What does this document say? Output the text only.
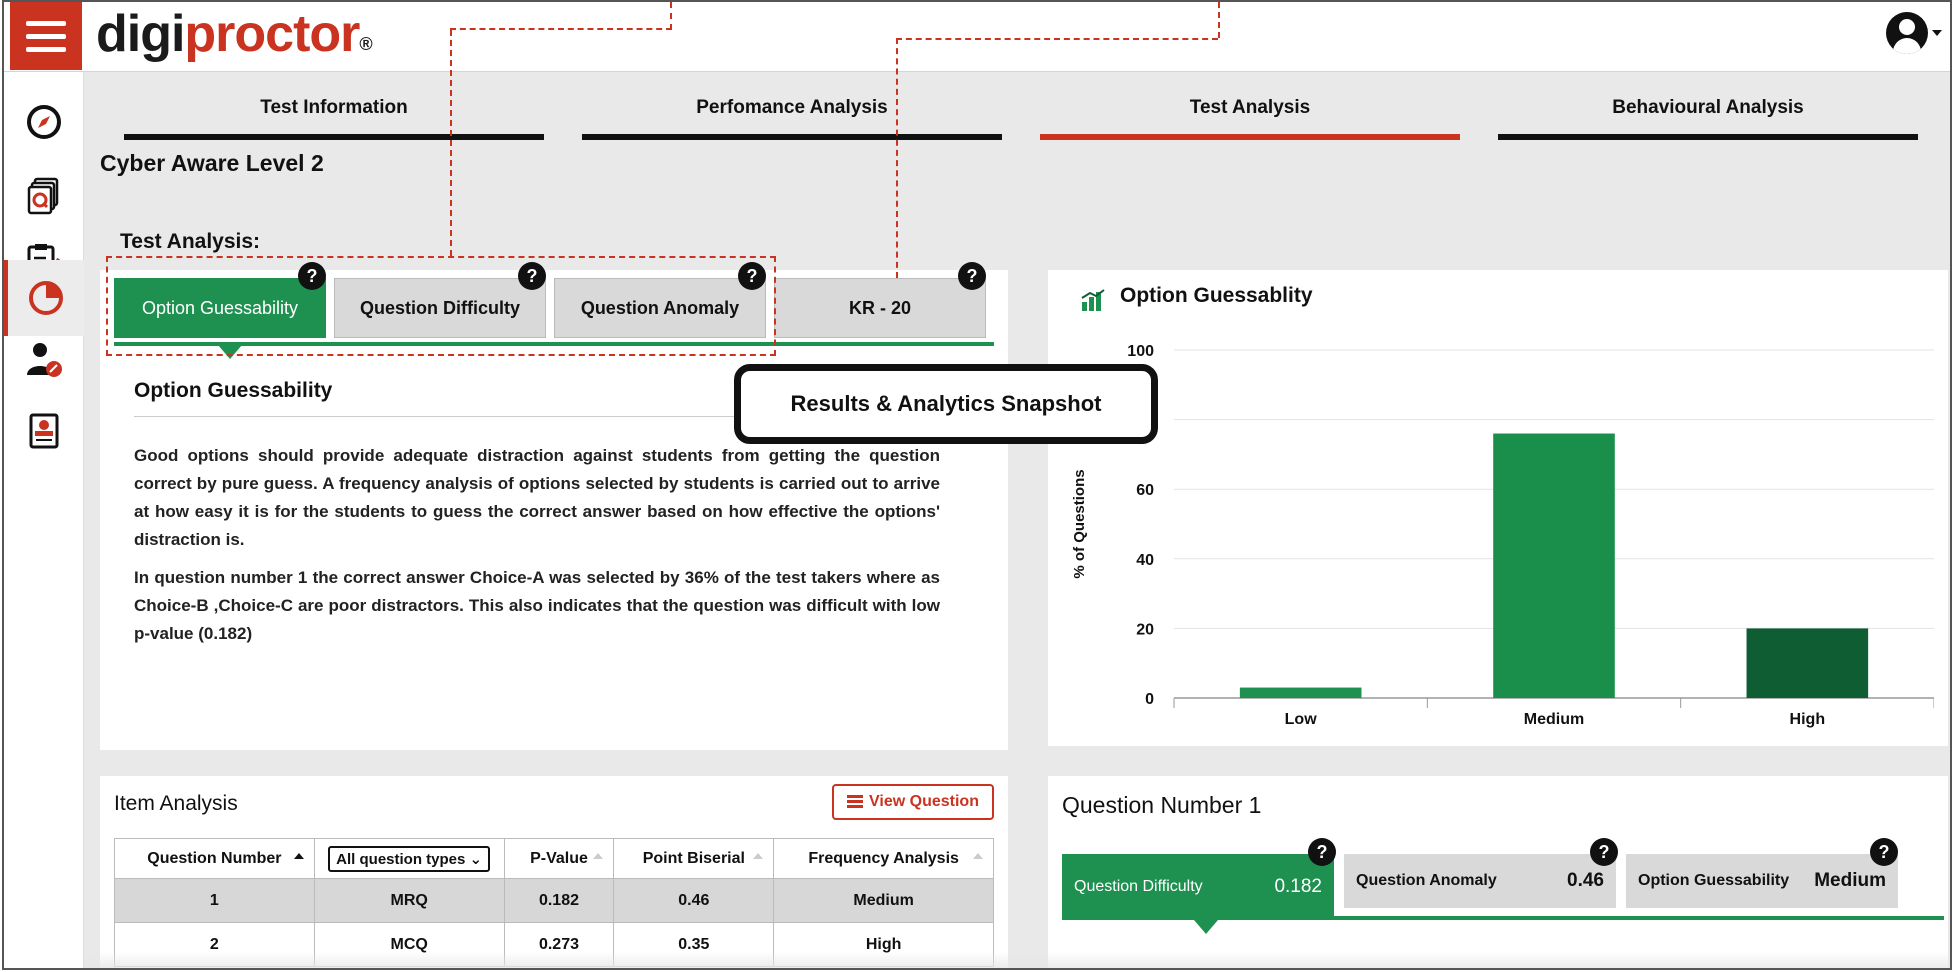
digiproctor®
Test Information	Perfomance Analysis	Test Analysis	Behavioural Analysis
Cyber Aware Level 2
Test Analysis:
Option Guessability	Question Difficulty	Question Anomaly	KR - 20
?	?	?	?
Option Guessability
Good options should provide adequate distraction against students from getting the question correct by pure guess. A frequency analysis of options selected by students is carried out to arrive at how easy it is for the students to guess the correct answer based on how effective the options' distraction is.
In question number 1 the correct answer Choice-A was selected by 36% of the test takers where as Choice-B ,Choice-C are poor distractors. This also indicates that the question was difficult with low p-value (0.182)
Results & Analytics Snapshot
Option Guessablity
0
20
40
60
100
Low	Medium	High
% of Questions
Item Analysis	View Question
Question Number	All question types ⌄	P-Value	Point Biserial	Frequency Analysis

1	MRQ	0.182	0.46	Medium
2	MCQ	0.273	0.35	High
Question Number 1
Question Difficulty	0.182 Question Anomaly	0.46 Option Guessability Medium
?	?	?
